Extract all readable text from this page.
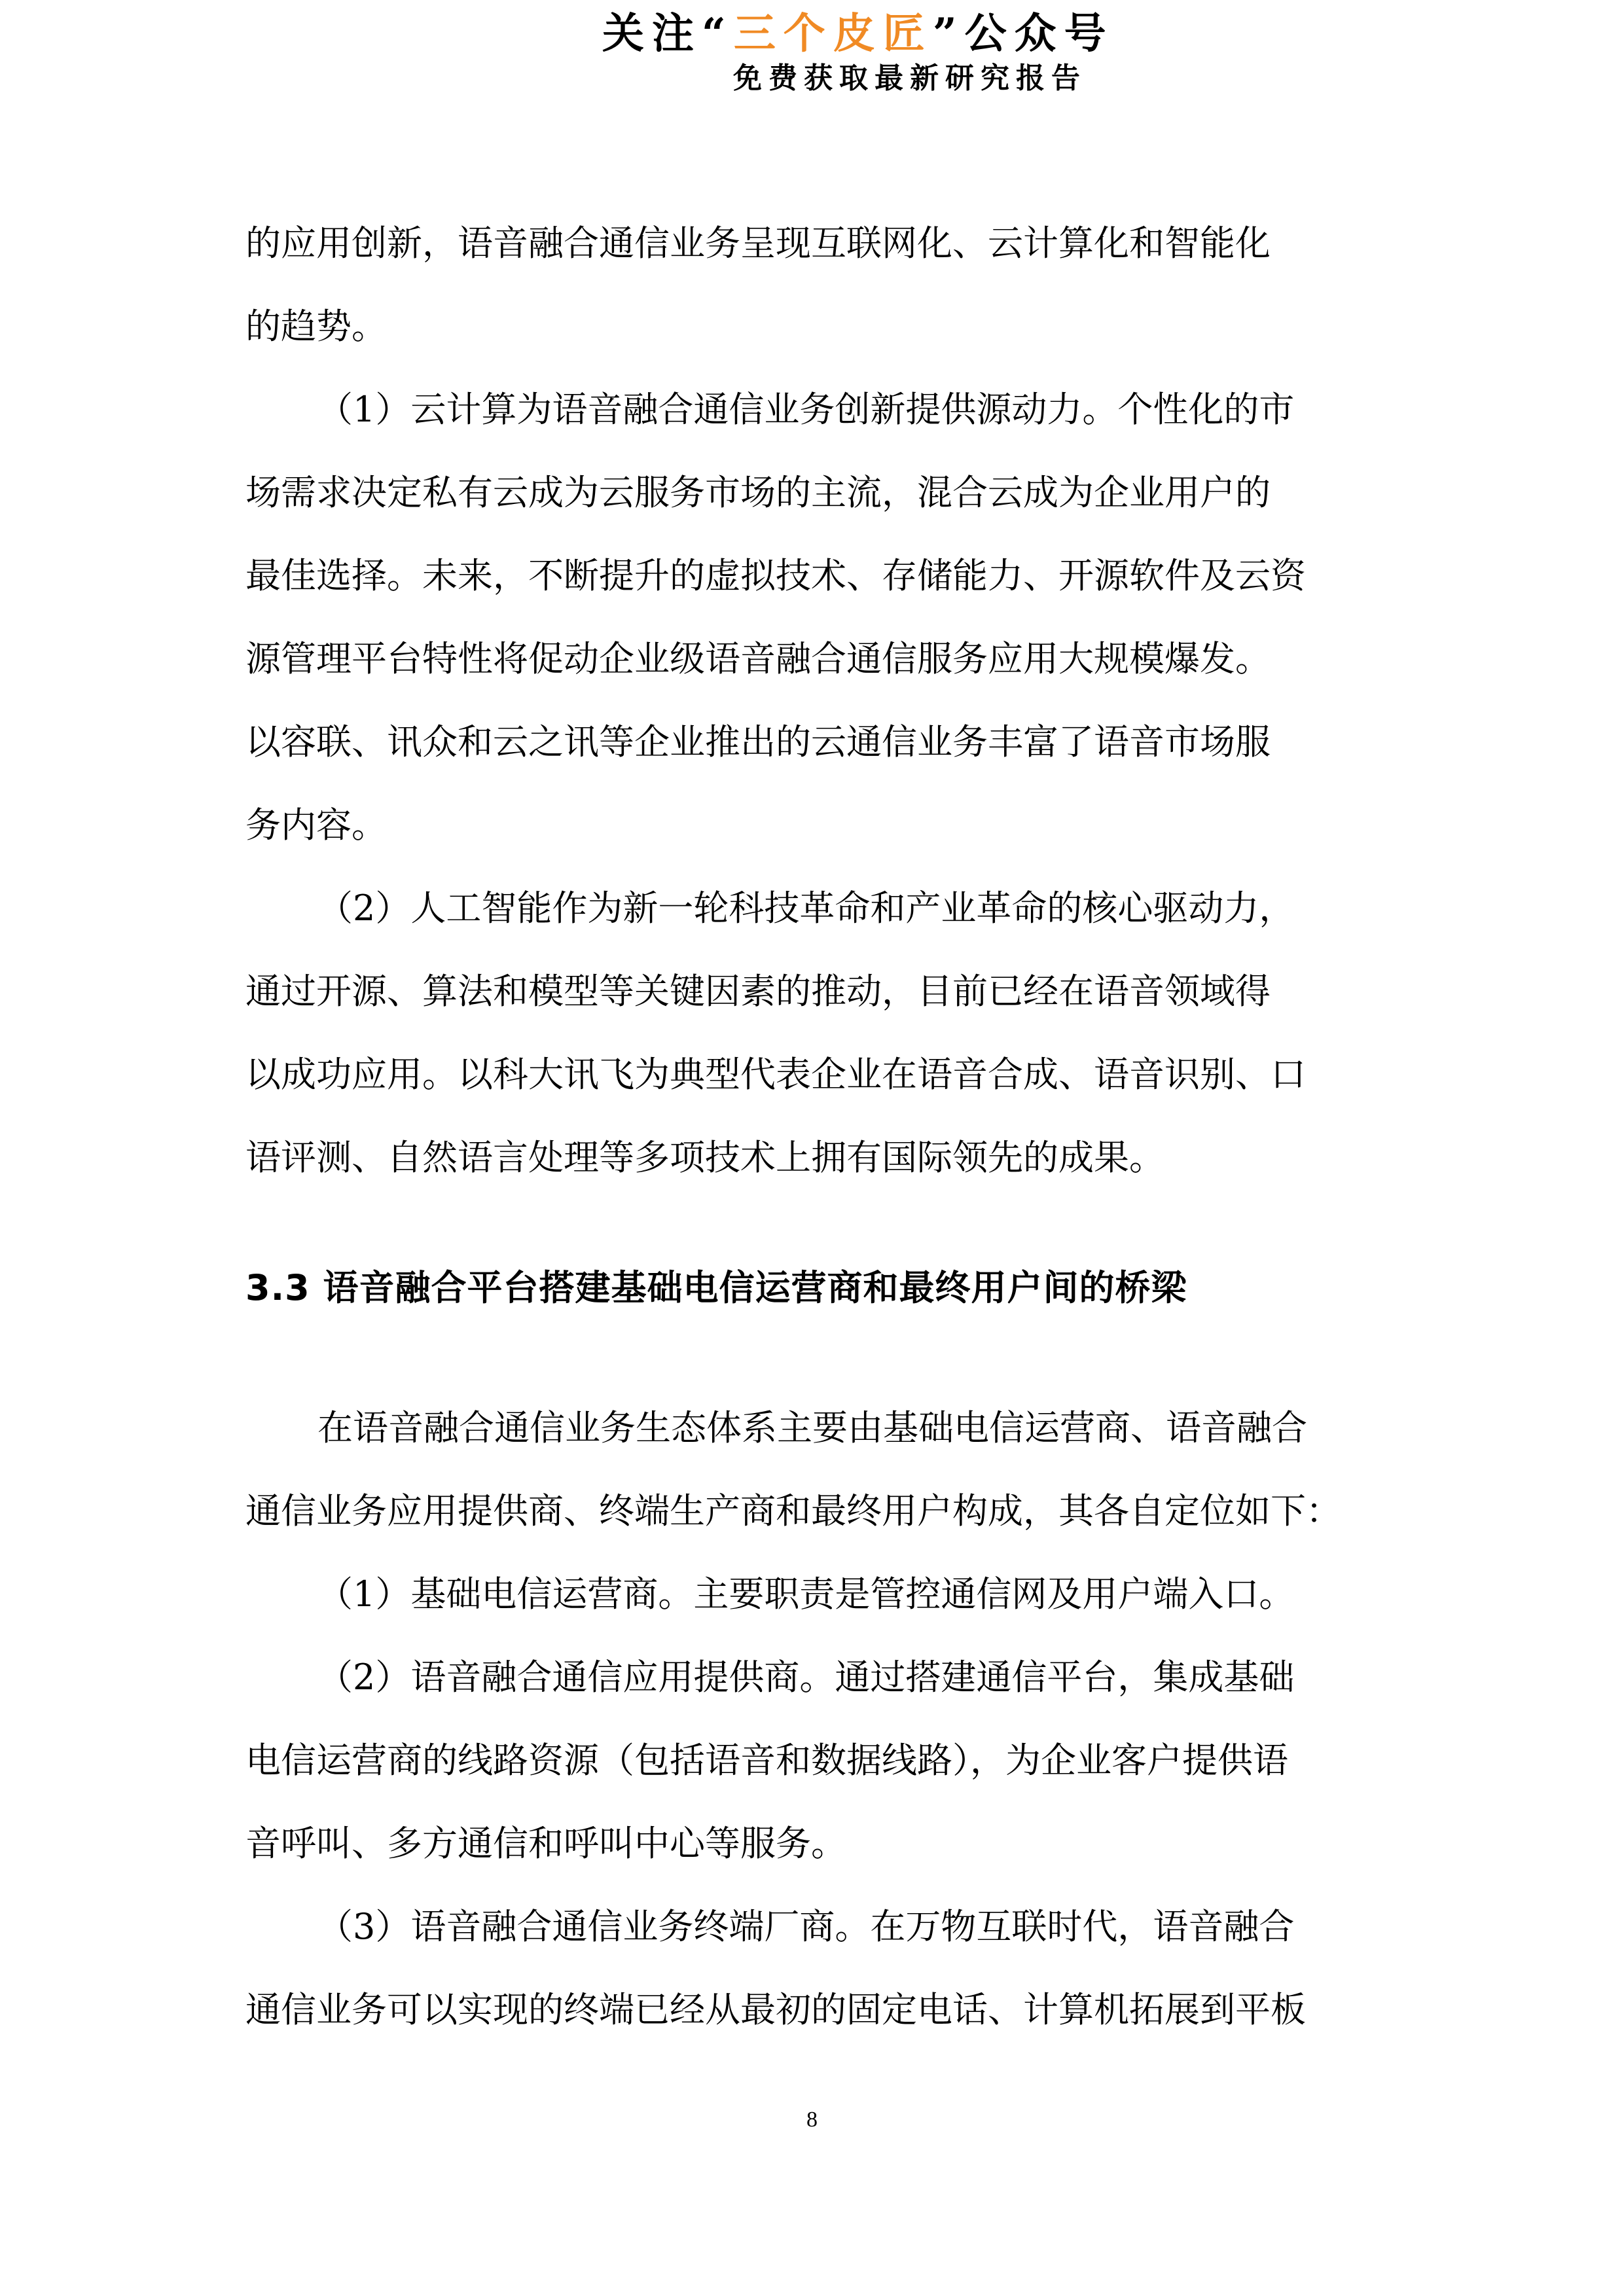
关注“三个皮匠”公众号
免费获取最新研究报告
的应用创新，语音融合通信业务呈现互联网化、云计算化和智能化
的趋势。
（1）云计算为语音融合通信业务创新提供源动力。个性化的市
场需求决定私有云成为云服务市场的主流，混合云成为企业用户的
最佳选择。未来，不断提升的虚拟技术、存储能力、开源软件及云资
源管理平台特性将促动企业级语音融合通信服务应用大规模爆发。
以容联、讯众和云之讯等企业推出的云通信业务丰富了语音市场服
务内容。
（2）人工智能作为新一轮科技革命和产业革命的核心驱动力，
通过开源、算法和模型等关键因素的推动，目前已经在语音领域得
以成功应用。以科大讯飞为典型代表企业在语音合成、语音识别、口
语评测、自然语言处理等多项技术上拥有国际领先的成果。
3.3 语音融合平台搭建基础电信运营商和最终用户间的桥梁
在语音融合通信业务生态体系主要由基础电信运营商、语音融合
通信业务应用提供商、终端生产商和最终用户构成，其各自定位如下：
（1）基础电信运营商。主要职责是管控通信网及用户端入口。
（2）语音融合通信应用提供商。通过搭建通信平台，集成基础
电信运营商的线路资源（包括语音和数据线路），为企业客户提供语
音呼叫、多方通信和呼叫中心等服务。
（3）语音融合通信业务终端厂商。在万物互联时代，语音融合
通信业务可以实现的终端已经从最初的固定电话、计算机拓展到平板
8
